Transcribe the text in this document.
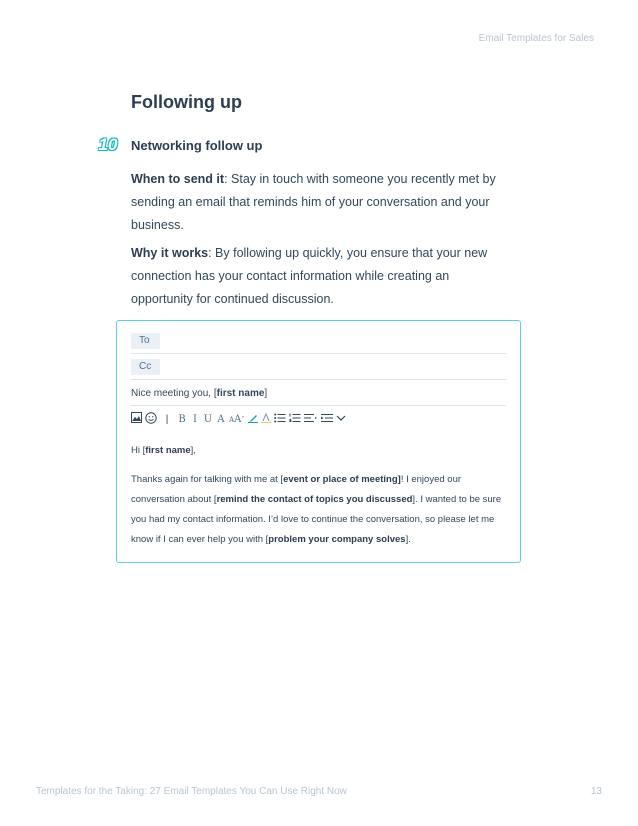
Email Templates for Sales
Following up
10 Networking follow up
When to send it: Stay in touch with someone you recently met by sending an email that reminds him of your conversation and your business.
Why it works: By following up quickly, you ensure that your new connection has your contact information while creating an opportunity for continued discussion.
To
Cc
Nice meeting you, [first name]
|	B I U A AAˇ
Hi [first name],
Thanks again for talking with me at [event or place of meeting]! I enjoyed our conversation about [remind the contact of topics you discussed]. I wanted to be sure you had my contact information. I’d love to continue the conversation, so please let me know if I can ever help you with [problem your company solves].
Templates for the Taking: 27 Email Templates You Can Use Right Now	13
